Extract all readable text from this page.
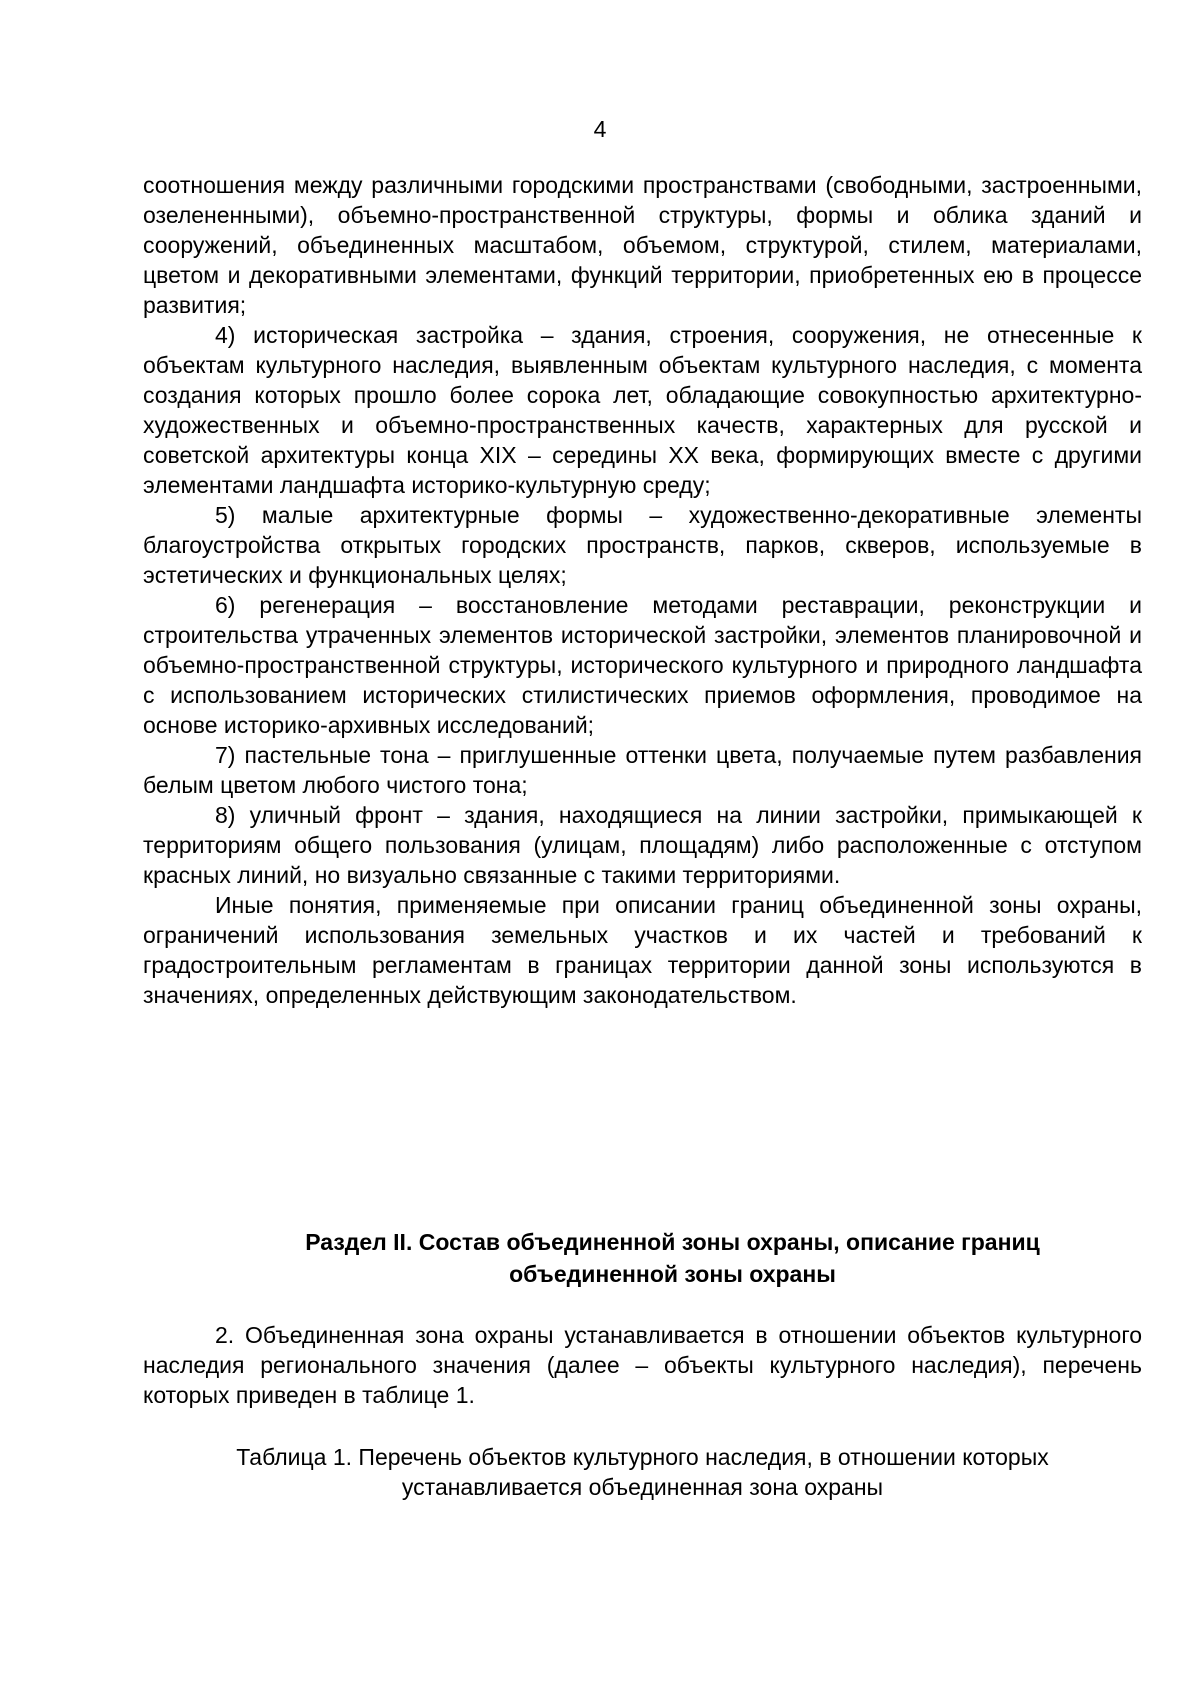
4

соотношения между различными городскими пространствами (свободными, застроенными, озелененными), объемно-пространственной структуры, формы и облика зданий и сооружений, объединенных масштабом, объемом, структурой, стилем, материалами, цветом и декоративными элементами, функций территории, приобретенных ею в процессе развития;

4) историческая застройка – здания, строения, сооружения, не отнесенные к объектам культурного наследия, выявленным объектам культурного наследия, с момента создания которых прошло более сорока лет, обладающие совокупностью архитектурно-художественных и объемно-пространственных качеств, характерных для русской и советской архитектуры конца XIX – середины XX века, формирующих вместе с другими элементами ландшафта историко-культурную среду;

5) малые архитектурные формы – художественно-декоративные элементы благоустройства открытых городских пространств, парков, скверов, используемые в эстетических и функциональных целях;

6) регенерация – восстановление методами реставрации, реконструкции и строительства утраченных элементов исторической застройки, элементов планировочной и объемно-пространственной структуры, исторического культурного и природного ландшафта с использованием исторических стилистических приемов оформления, проводимое на основе историко-архивных исследований;

7) пастельные тона – приглушенные оттенки цвета, получаемые путем разбавления белым цветом любого чистого тона;

8) уличный фронт – здания, находящиеся на линии застройки, примыкающей к территориям общего пользования (улицам, площадям) либо расположенные с отступом красных линий, но визуально связанные с такими территориями.

Иные понятия, применяемые при описании границ объединенной зоны охраны, ограничений использования земельных участков и их частей и требований к градостроительным регламентам в границах территории данной зоны используются в значениях, определенных действующим законодательством.

Раздел II. Состав объединенной зоны охраны, описание границ
объединенной зоны охраны

2. Объединенная зона охраны устанавливается в отношении объектов культурного наследия регионального значения (далее – объекты культурного наследия), перечень которых приведен в таблице 1.

Таблица 1. Перечень объектов культурного наследия, в отношении которых
устанавливается объединенная зона охраны
